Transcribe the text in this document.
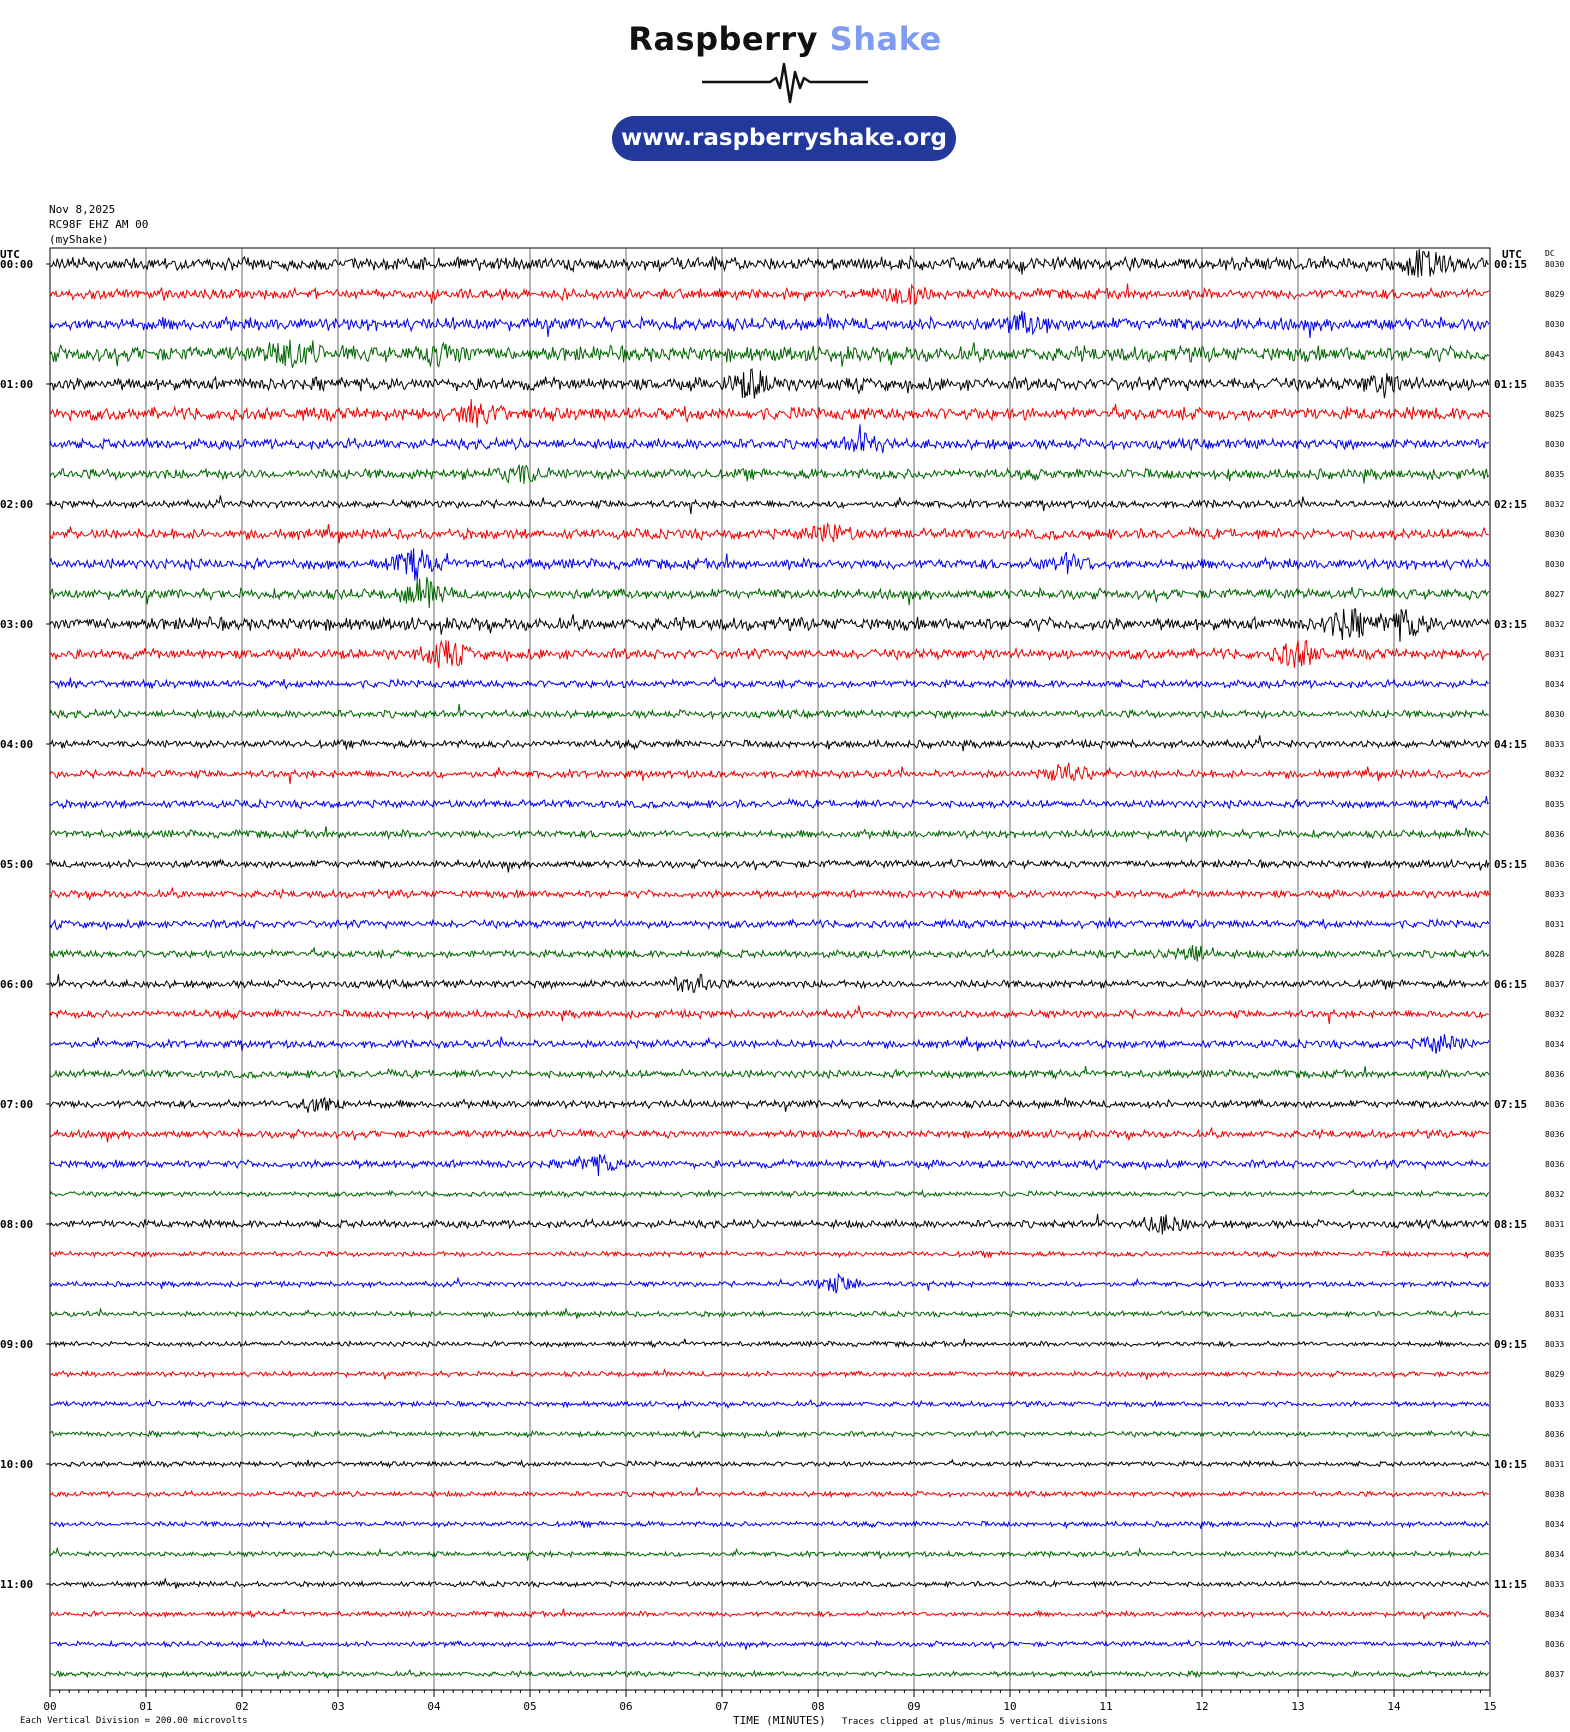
Raspberry Shake
www.raspberryshake.org
Nov 8,2025
RC98F EHZ AM 00
(myShake)
UTC	UTC	DC
00:00
01:00
02:00
03:00
04:00
05:00
06:00
07:00
08:00
09:00
10:00
11:00
00:15
01:15
02:15
03:15
04:15
05:15
06:15
07:15
08:15
09:15
10:15
11:15
8030
8029
8030
8043
8035
8025
8030
8035
8032
8030
8030
8027
8032
8031
8034
8030
8033
8032
8035
8036
8036
8033
8031
8028
8037
8032
8034
8036
8036
8036
8036
8032
8031
8035
8033
8031
8033
8029
8033
8036
8031
8038
8034
8034
8033
8034
8036
8037
00	01	02	03	04	05	06	07	08	09	10	11	12	13	14	15
Each Vertical Division = 200.00 microvolts	TIME (MINUTES) Traces clipped at plus/minus 5 vertical divisions
